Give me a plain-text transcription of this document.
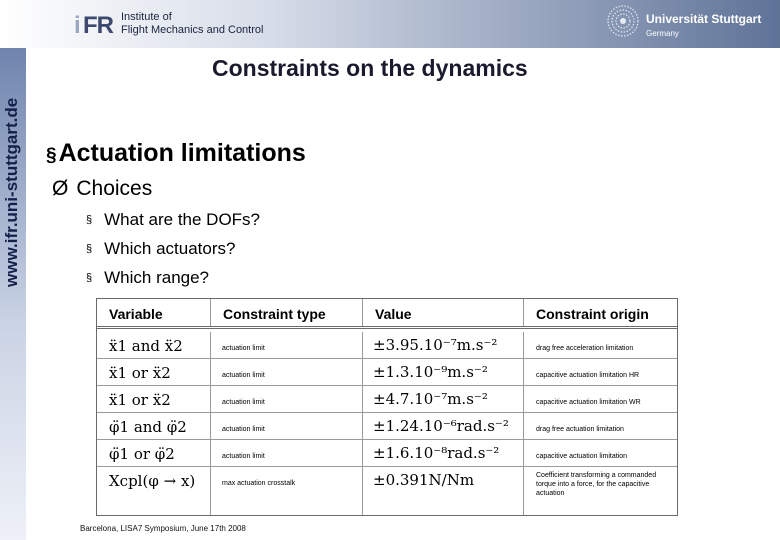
i FR Institute of
Flight Mechanics and Control
Universität Stuttgart
Germany
www.ifr.uni-stuttgart.de
Constraints on the dynamics
§Actuation limitations
Ø Choices
§ What are the DOFs?
§ Which actuators?
§ Which range?
Variable	Constraint type	Value	Constraint origin
ẍ1 and ẍ2	actuation limit	±3.95.10⁻⁷m.s⁻²	drag free acceleration limitation
ẍ1 or ẍ2	actuation limit	±1.3.10⁻⁹m.s⁻²	capacitive actuation limitation HR
ẍ1 or ẍ2	actuation limit	±4.7.10⁻⁷m.s⁻²	capacitive actuation limitation WR
φ̈1 and φ̈2	actuation limit	±1.24.10⁻⁶rad.s⁻²	drag free actuation limitation
φ̈1 or φ̈2	actuation limit	±1.6.10⁻⁸rad.s⁻²	capacitive actuation limitation
Xcpl(φ → x)	max actuation crosstalk	±0.391N/Nm	Coefficient transforming a commanded torque into a force, for the capacitive actuation
Barcelona, LISA7 Symposium, June 17th 2008
